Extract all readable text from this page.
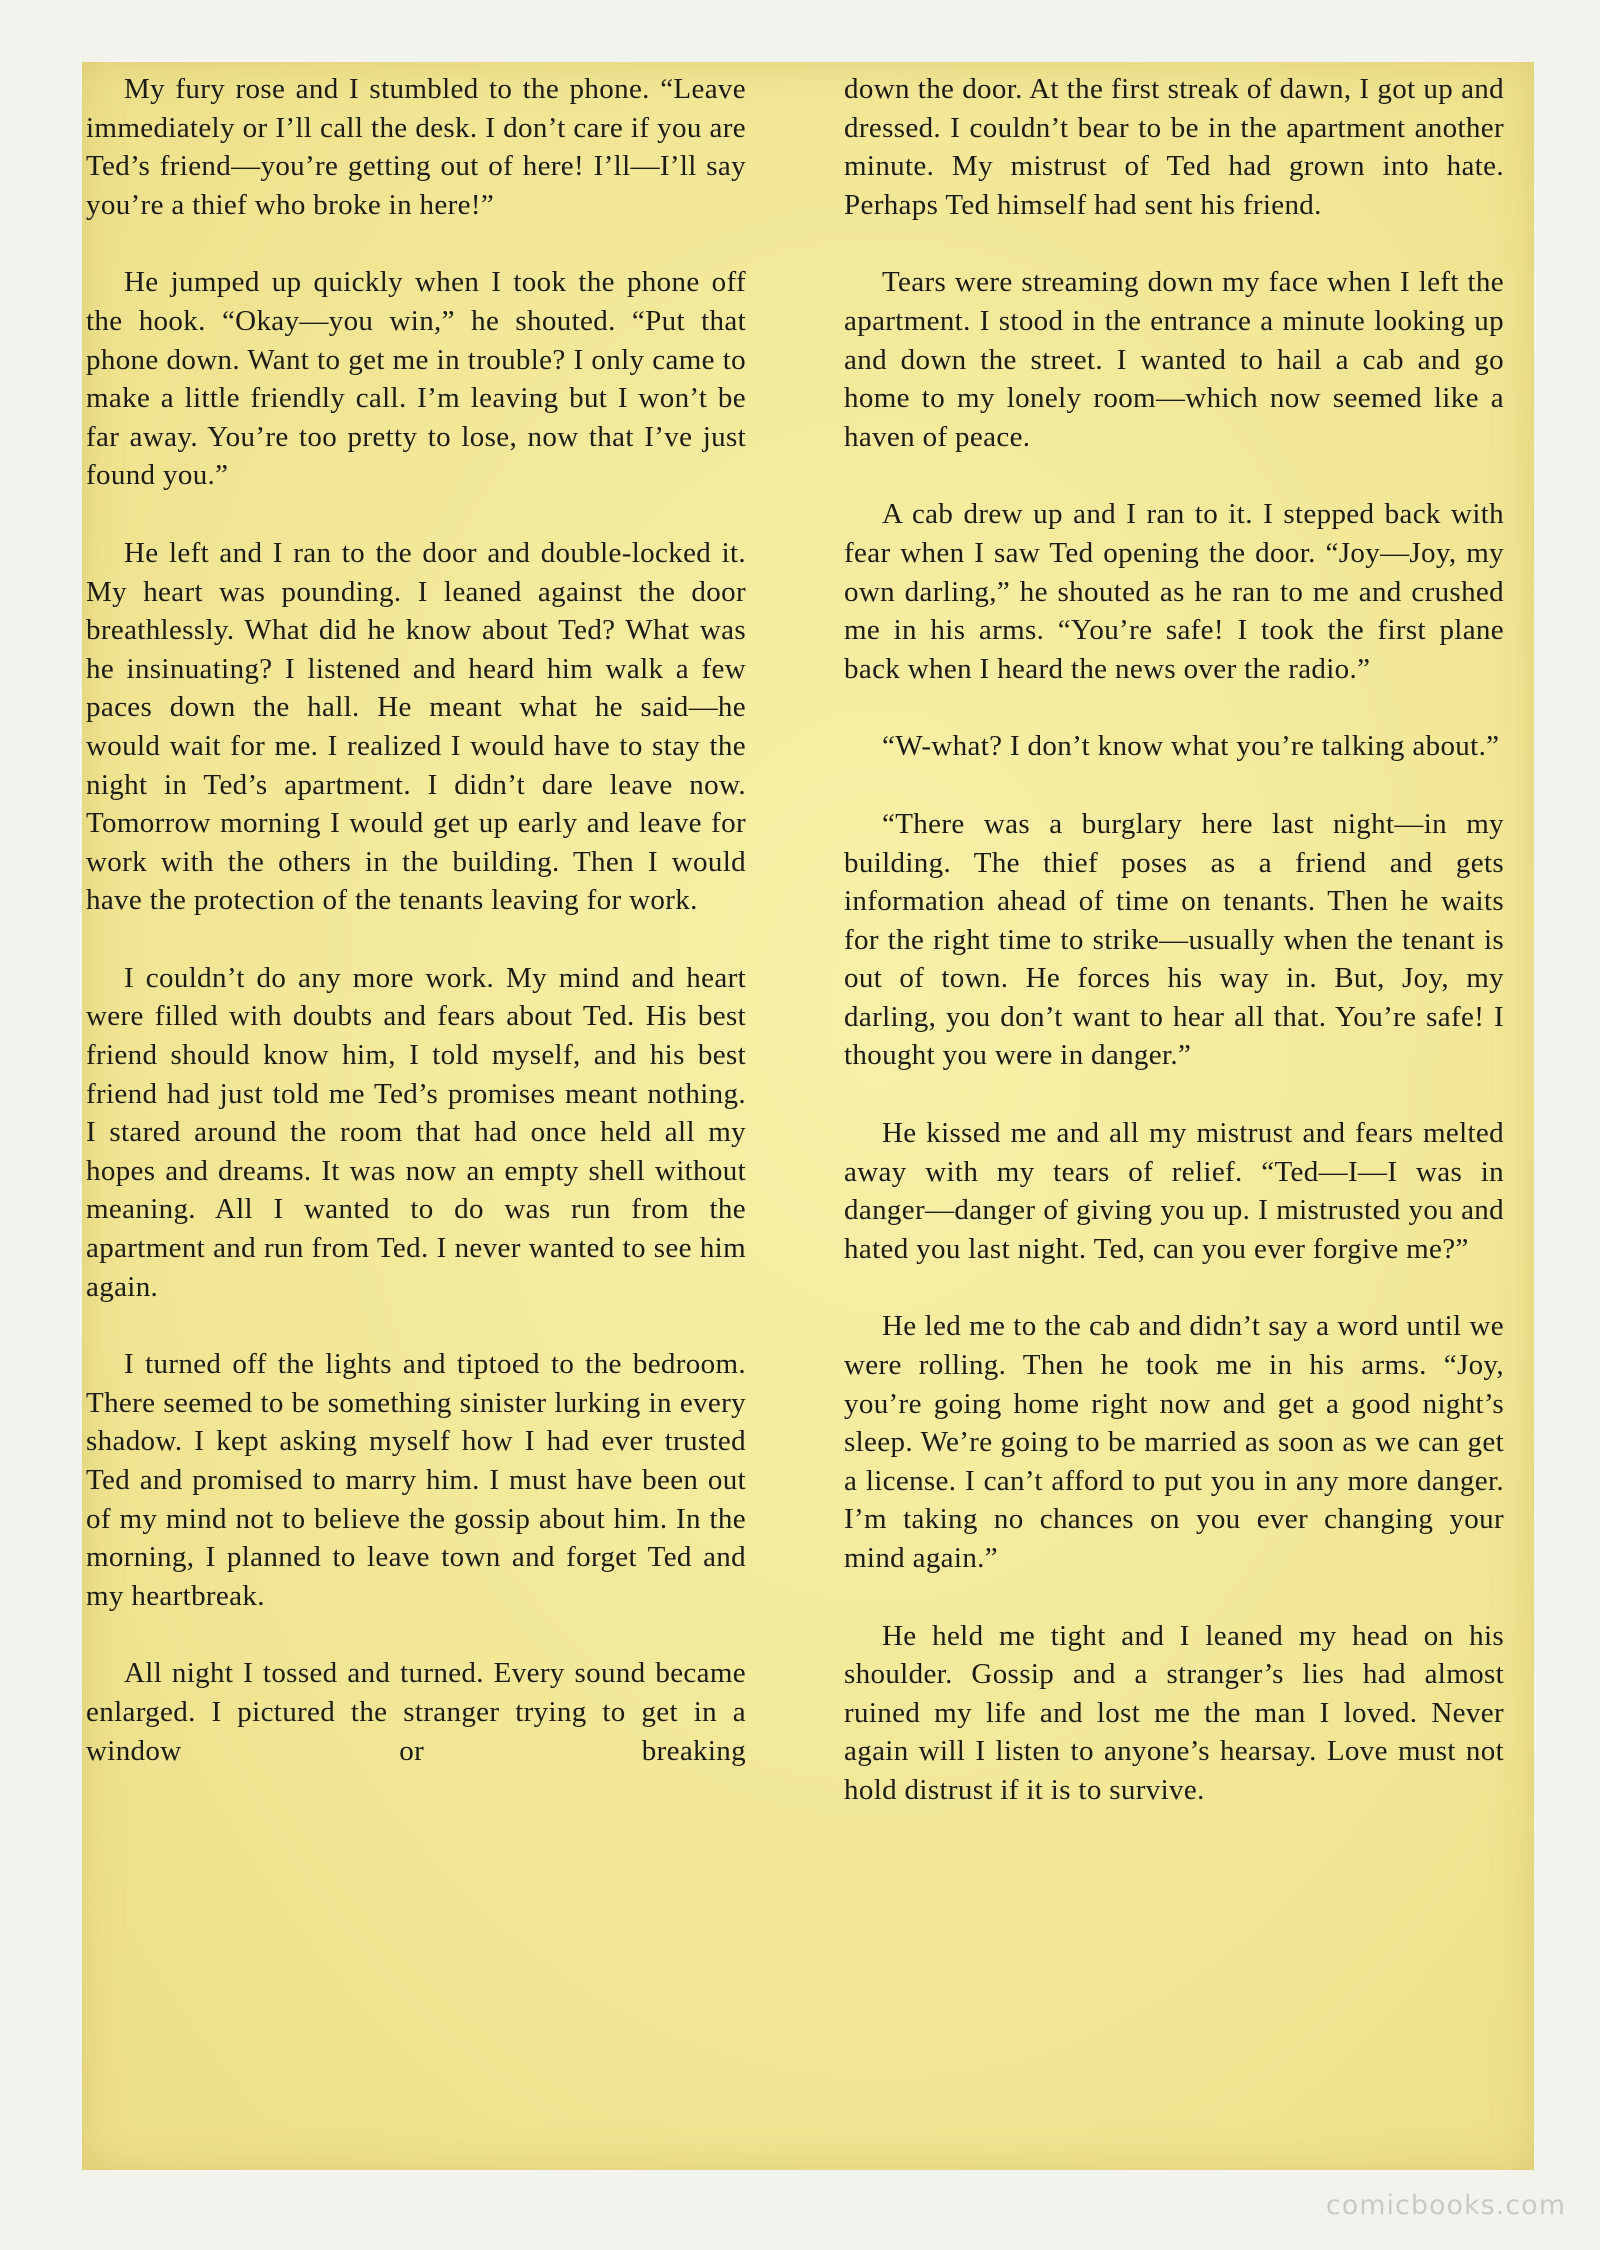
My fury rose and I stumbled to the phone. “Leave immediately or I’ll call the desk. I don’t care if you are Ted’s friend—you’re getting out of here! I’ll—I’ll say you’re a thief who broke in here!”

He jumped up quickly when I took the phone off the hook. “Okay—you win,” he shouted. “Put that phone down. Want to get me in trouble? I only came to make a little friendly call. I’m leaving but I won’t be far away. You’re too pretty to lose, now that I’ve just found you.”

He left and I ran to the door and double-locked it. My heart was pounding. I leaned against the door breathlessly. What did he know about Ted? What was he insinuating? I listened and heard him walk a few paces down the hall. He meant what he said—he would wait for me. I realized I would have to stay the night in Ted’s apartment. I didn’t dare leave now. Tomorrow morning I would get up early and leave for work with the others in the building. Then I would have the protection of the tenants leaving for work.

I couldn’t do any more work. My mind and heart were filled with doubts and fears about Ted. His best friend should know him, I told myself, and his best friend had just told me Ted’s promises meant nothing. I stared around the room that had once held all my hopes and dreams. It was now an empty shell without meaning. All I wanted to do was run from the apartment and run from Ted. I never wanted to see him again.

I turned off the lights and tiptoed to the bedroom. There seemed to be something sinister lurking in every shadow. I kept asking myself how I had ever trusted Ted and promised to marry him. I must have been out of my mind not to believe the gossip about him. In the morning, I planned to leave town and forget Ted and my heartbreak.

All night I tossed and turned. Every sound became enlarged. I pictured the stranger trying to get in a window or breaking

down the door. At the first streak of dawn, I got up and dressed. I couldn’t bear to be in the apartment another minute. My mistrust of Ted had grown into hate. Perhaps Ted himself had sent his friend.

Tears were streaming down my face when I left the apartment. I stood in the entrance a minute looking up and down the street. I wanted to hail a cab and go home to my lonely room—which now seemed like a haven of peace.

A cab drew up and I ran to it. I stepped back with fear when I saw Ted opening the door. “Joy—Joy, my own darling,” he shouted as he ran to me and crushed me in his arms. “You’re safe! I took the first plane back when I heard the news over the radio.”

“W-what? I don’t know what you’re talking about.”

“There was a burglary here last night—in my building. The thief poses as a friend and gets information ahead of time on tenants. Then he waits for the right time to strike—usually when the tenant is out of town. He forces his way in. But, Joy, my darling, you don’t want to hear all that. You’re safe! I thought you were in danger.”

He kissed me and all my mistrust and fears melted away with my tears of relief. “Ted—I—I was in danger—danger of giving you up. I mistrusted you and hated you last night. Ted, can you ever forgive me?”

He led me to the cab and didn’t say a word until we were rolling. Then he took me in his arms. “Joy, you’re going home right now and get a good night’s sleep. We’re going to be married as soon as we can get a license. I can’t afford to put you in any more danger. I’m taking no chances on you ever changing your mind again.”

He held me tight and I leaned my head on his shoulder. Gossip and a stranger’s lies had almost ruined my life and lost me the man I loved. Never again will I listen to anyone’s hearsay. Love must not hold distrust if it is to survive.

comicbooks.com
